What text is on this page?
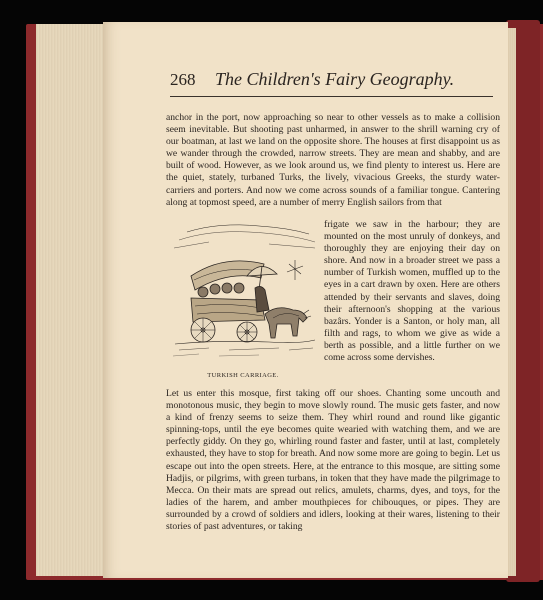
268 The Children's Fairy Geography.
anchor in the port, now approaching so near to other vessels as to make a collision seem inevitable. But shooting past unharmed, in answer to the shrill warning cry of our boatman, at last we land on the opposite shore. The houses at first disappoint us as we wander through the crowded, narrow streets. They are mean and shabby, and are built of wood. However, as we look around us, we find plenty to interest us. Here are the quiet, stately, turbaned Turks, the lively, vivacious Greeks, the sturdy water-carriers and porters. And now we come across sounds of a familiar tongue. Cantering along at topmost speed, are a number of merry English sailors from that
TURKISH CARRIAGE.
frigate we saw in the harbour; they are mounted on the most unruly of donkeys, and thoroughly they are enjoying their day on shore. And now in a broader street we pass a number of Turkish women, muffled up to the eyes in a cart drawn by oxen. Here are others attended by their servants and slaves, doing their afternoon's shopping at the various bazârs. Yonder is a Santon, or holy man, all filth and rags, to whom we give as wide a berth as possible, and a little further on we come across some dervishes.
Let us enter this mosque, first taking off our shoes. Chanting some uncouth and monotonous music, they begin to move slowly round. The music gets faster, and now a kind of frenzy seems to seize them. They whirl round and round like gigantic spinning-tops, until the eye becomes quite wearied with watching them, and we are perfectly giddy. On they go, whirling round faster and faster, until at last, completely exhausted, they have to stop for breath. And now some more are going to begin. Let us escape out into the open streets. Here, at the entrance to this mosque, are sitting some Hadjis, or pilgrims, with green turbans, in token that they have made the pilgrimage to Mecca. On their mats are spread out relics, amulets, charms, dyes, and toys, for the ladies of the harem, and amber mouthpieces for chibouques, or pipes. They are surrounded by a crowd of soldiers and idlers, looking at their wares, listening to their stories of past adventures, or taking
